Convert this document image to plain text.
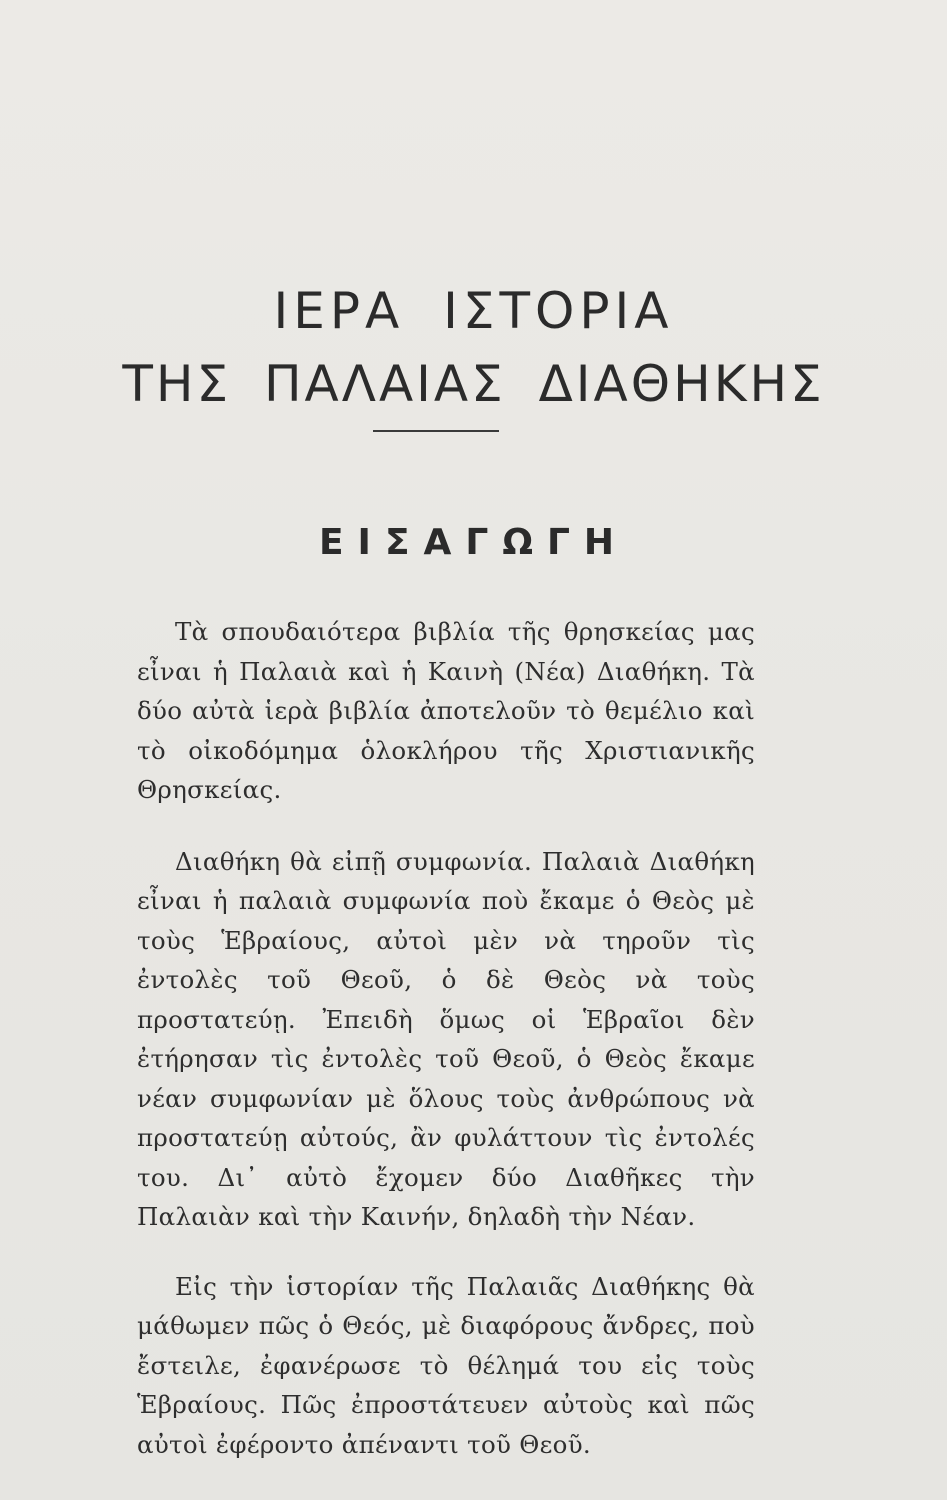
ΙΕΡΑ ΙΣΤΟΡΙΑ
ΤΗΣ ΠΑΛΑΙΑΣ ΔΙΑΘΗΚΗΣ
ΕΙΣΑΓΩΓΗ

Τὰ σπουδαιότερα βιβλία τῆς θρησκείας μας εἶναι ἡ Παλαιὰ καὶ ἡ Καινὴ (Νέα) Διαθήκη. Τὰ δύο αὐτὰ ἱερὰ βιβλία ἀποτελοῦν τὸ θεμέλιο καὶ τὸ οἰκοδόμημα ὁλοκλήρου τῆς Χριστιανικῆς Θρησκείας.

Διαθήκη θὰ εἰπῇ συμφωνία. Παλαιὰ Διαθήκη εἶναι ἡ παλαιὰ συμφωνία ποὺ ἔκαμε ὁ Θεὸς μὲ τοὺς Ἑβραίους, αὐτοὶ μὲν νὰ τηροῦν τὶς ἐντολὲς τοῦ Θεοῦ, ὁ δὲ Θεὸς νὰ τοὺς προστατεύῃ. Ἐπειδὴ ὅμως οἱ Ἑβραῖοι δὲν ἐτήρησαν τὶς ἐντολὲς τοῦ Θεοῦ, ὁ Θεὸς ἔκαμε νέαν συμφωνίαν μὲ ὅλους τοὺς ἀνθρώπους νὰ προστατεύῃ αὐτούς, ἂν φυλάττουν τὶς ἐντολές του. Δι᾽ αὐτὸ ἔχομεν δύο Διαθῆκες τὴν Παλαιὰν καὶ τὴν Καινήν, δηλαδὴ τὴν Νέαν.

Εἰς τὴν ἱστορίαν τῆς Παλαιᾶς Διαθήκης θὰ μάθωμεν πῶς ὁ Θεός, μὲ διαφόρους ἄνδρες, ποὺ ἔστειλε, ἐφανέρωσε τὸ θέλημά του εἰς τοὺς Ἑβραίους. Πῶς ἐπροστάτευεν αὐτοὺς καὶ πῶς αὐτοὶ ἐφέροντο ἀπέναντι τοῦ Θεοῦ.
